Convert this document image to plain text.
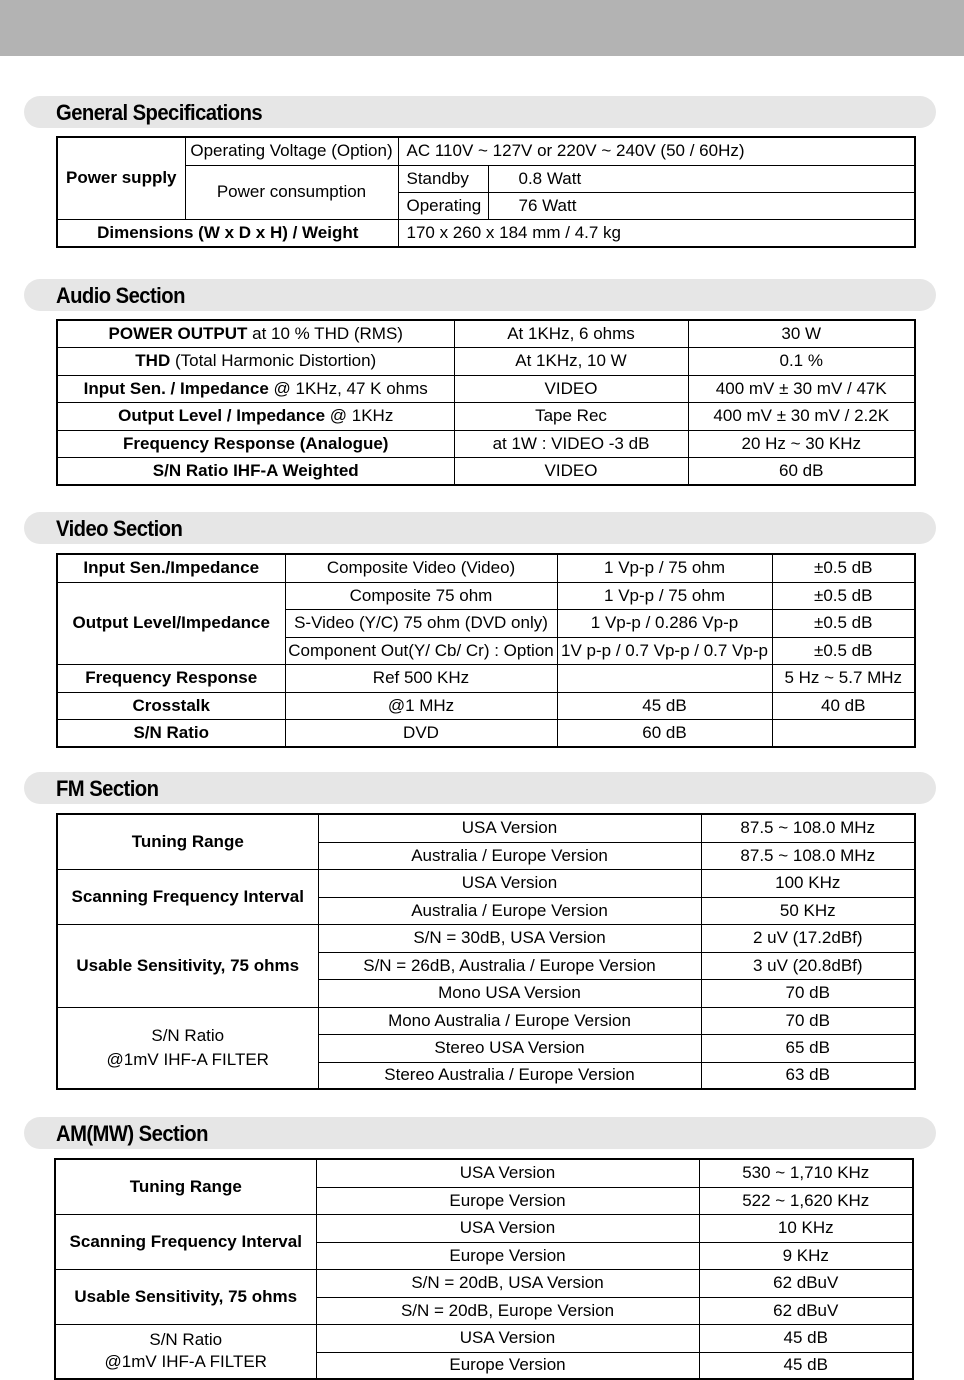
General Specifications
Power supply	Operating Voltage (Option)	AC 110V ~ 127V or 220V ~ 240V (50 / 60Hz)	
	Power consumption	Standby	0.8 Watt
		Operating	76 Watt
Dimensions (W x D x H) / Weight		170 x 260 x 184 mm / 4.7 kg	
Audio Section
POWER OUTPUT at 10 % THD (RMS)	At 1KHz, 6 ohms	30 W
THD (Total Harmonic Distortion)	At 1KHz, 10 W	0.1 %
Input Sen. / Impedance @ 1KHz, 47 K ohms	VIDEO	400 mV ± 30 mV / 47K
Output Level / Impedance @ 1KHz	Tape Rec	400 mV ± 30 mV / 2.2K
Frequency Response (Analogue)	at 1W : VIDEO -3 dB	20 Hz ~ 30 KHz
S/N Ratio IHF-A Weighted	VIDEO	60 dB
Video Section
Input Sen./Impedance	Composite Video (Video)	1 Vp-p / 75 ohm	±0.5 dB
Output Level/Impedance	Composite 75 ohm	1 Vp-p / 75 ohm	±0.5 dB
	S-Video (Y/C) 75 ohm (DVD only)	1 Vp-p / 0.286 Vp-p	±0.5 dB
	Component Out(Y/ Cb/ Cr) : Option	1V p-p / 0.7 Vp-p / 0.7 Vp-p	±0.5 dB
Frequency Response	Ref 500 KHz		5 Hz ~ 5.7 MHz
Crosstalk	@1 MHz	45 dB	40 dB
S/N Ratio	DVD	60 dB	
FM Section
Tuning Range	USA Version	87.5 ~ 108.0 MHz
	Australia / Europe Version	87.5 ~ 108.0 MHz
Scanning Frequency Interval	USA Version	100 KHz
	Australia / Europe Version	50 KHz
Usable Sensitivity, 75 ohms	S/N = 30dB, USA Version	2 uV (17.2dBf)
	S/N = 26dB, Australia / Europe Version	3 uV (20.8dBf)
	Mono USA Version	70 dB

S/N Ratio
@1mV IHF-A FILTER	Mono Australia / Europe Version	70 dB
	Stereo USA Version	65 dB
	Stereo Australia / Europe Version	63 dB
AM(MW) Section
Tuning Range	USA Version	530 ~ 1,710 KHz
	Europe Version	522 ~ 1,620 KHz
Scanning Frequency Interval	USA Version	10 KHz
	Europe Version	9 KHz
Usable Sensitivity, 75 ohms	S/N = 20dB, USA Version	62 dBuV
	S/N = 20dB, Europe Version	62 dBuV

S/N Ratio
@1mV IHF-A FILTER	USA Version	45 dB
	Europe Version	45 dB
